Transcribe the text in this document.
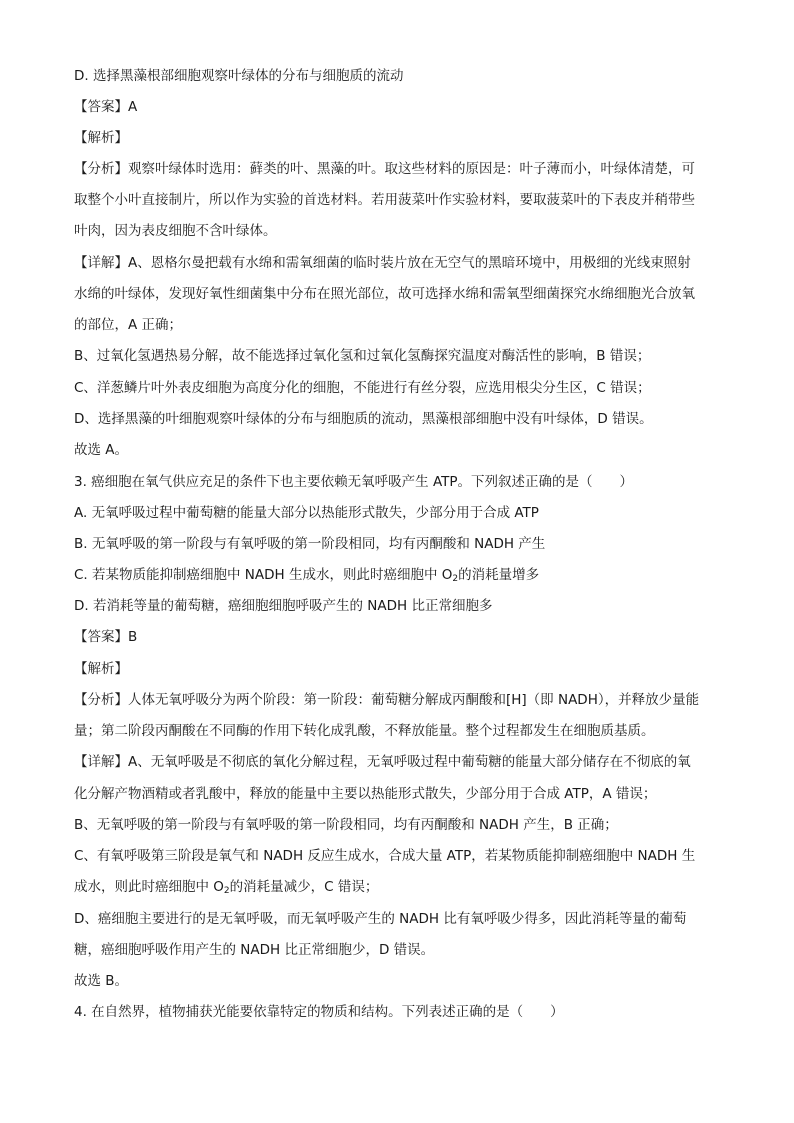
D. 选择黑藻根部细胞观察叶绿体的分布与细胞质的流动
【答案】A
【解析】
【分析】观察叶绿体时选用：藓类的叶、黑藻的叶。取这些材料的原因是：叶子薄而小，叶绿体清楚，可
取整个小叶直接制片，所以作为实验的首选材料。若用菠菜叶作实验材料，要取菠菜叶的下表皮并稍带些
叶肉，因为表皮细胞不含叶绿体。
【详解】A、恩格尔曼把载有水绵和需氧细菌的临时装片放在无空气的黑暗环境中，用极细的光线束照射
水绵的叶绿体，发现好氧性细菌集中分布在照光部位，故可选择水绵和需氧型细菌探究水绵细胞光合放氧
的部位，A 正确；
B、过氧化氢遇热易分解，故不能选择过氧化氢和过氧化氢酶探究温度对酶活性的影响，B 错误；
C、洋葱鳞片叶外表皮细胞为高度分化的细胞，不能进行有丝分裂，应选用根尖分生区，C 错误；
D、选择黑藻的叶细胞观察叶绿体的分布与细胞质的流动，黑藻根部细胞中没有叶绿体，D 错误。
故选 A。
3. 癌细胞在氧气供应充足的条件下也主要依赖无氧呼吸产生 ATP。下列叙述正确的是（　　）
A. 无氧呼吸过程中葡萄糖的能量大部分以热能形式散失，少部分用于合成 ATP
B. 无氧呼吸的第一阶段与有氧呼吸的第一阶段相同，均有丙酮酸和 NADH 产生
C. 若某物质能抑制癌细胞中 NADH 生成水，则此时癌细胞中 $O_2$的消耗量增多
D. 若消耗等量的葡萄糖，癌细胞细胞呼吸产生的 NADH 比正常细胞多
【答案】B
【解析】
【分析】人体无氧呼吸分为两个阶段：第一阶段：葡萄糖分解成丙酮酸和[H]（即 NADH），并释放少量能
量；第二阶段丙酮酸在不同酶的作用下转化成乳酸，不释放能量。整个过程都发生在细胞质基质。
【详解】A、无氧呼吸是不彻底的氧化分解过程，无氧呼吸过程中葡萄糖的能量大部分储存在不彻底的氧
化分解产物酒精或者乳酸中，释放的能量中主要以热能形式散失，少部分用于合成 ATP，A 错误；
B、无氧呼吸的第一阶段与有氧呼吸的第一阶段相同，均有丙酮酸和 NADH 产生，B 正确；
C、有氧呼吸第三阶段是氧气和 NADH 反应生成水，合成大量 ATP，若某物质能抑制癌细胞中 NADH 生
成水，则此时癌细胞中 $O_2$的消耗量减少，C 错误；
D、癌细胞主要进行的是无氧呼吸，而无氧呼吸产生的 NADH 比有氧呼吸少得多，因此消耗等量的葡萄
糖，癌细胞呼吸作用产生的 NADH 比正常细胞少，D 错误。
故选 B。
4. 在自然界，植物捕获光能要依靠特定的物质和结构。下列表述正确的是（　　）
